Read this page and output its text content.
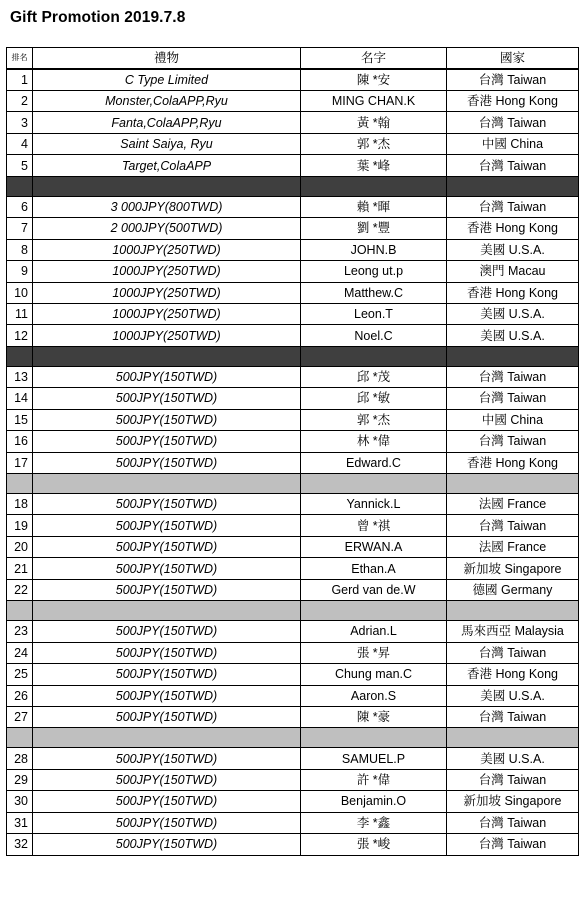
Gift Promotion 2019.7.8
排名	禮物	名字	國家
1	C Type Limited	陳 *安	台灣 Taiwan
2	Monster,ColaAPP,Ryu	MING CHAN.K	香港 Hong Kong
3	Fanta,ColaAPP,Ryu	黃 *翰	台灣 Taiwan
4	Saint Saiya, Ryu	郭 *杰	中國 China
5	Target,ColaAPP	葉 *峰	台灣 Taiwan

6	3 000JPY(800TWD)	賴 *暉	台灣 Taiwan
7	2 000JPY(500TWD)	劉 *豐	香港 Hong Kong
8	1000JPY(250TWD)	JOHN.B	美國 U.S.A.
9	1000JPY(250TWD)	Leong ut.p	澳門 Macau
10	1000JPY(250TWD)	Matthew.C	香港 Hong Kong
11	1000JPY(250TWD)	Leon.T	美國 U.S.A.
12	1000JPY(250TWD)	Noel.C	美國 U.S.A.

13	500JPY(150TWD)	邱 *茂	台灣 Taiwan
14	500JPY(150TWD)	邱 *敏	台灣 Taiwan
15	500JPY(150TWD)	郭 *杰	中國 China
16	500JPY(150TWD)	林 *偉	台灣 Taiwan
17	500JPY(150TWD)	Edward.C	香港 Hong Kong

18	500JPY(150TWD)	Yannick.L	法國 France
19	500JPY(150TWD)	曾 *祺	台灣 Taiwan
20	500JPY(150TWD)	ERWAN.A	法國 France
21	500JPY(150TWD)	Ethan.A	新加坡 Singapore
22	500JPY(150TWD)	Gerd van de.W	德國 Germany

23	500JPY(150TWD)	Adrian.L	馬來西亞 Malaysia
24	500JPY(150TWD)	張 *昇	台灣 Taiwan
25	500JPY(150TWD)	Chung man.C	香港 Hong Kong
26	500JPY(150TWD)	Aaron.S	美國 U.S.A.
27	500JPY(150TWD)	陳 *豪	台灣 Taiwan

28	500JPY(150TWD)	SAMUEL.P	美國 U.S.A.
29	500JPY(150TWD)	許 *偉	台灣 Taiwan
30	500JPY(150TWD)	Benjamin.O	新加坡 Singapore
31	500JPY(150TWD)	李 *鑫	台灣 Taiwan
32	500JPY(150TWD)	張 *峻	台灣 Taiwan
